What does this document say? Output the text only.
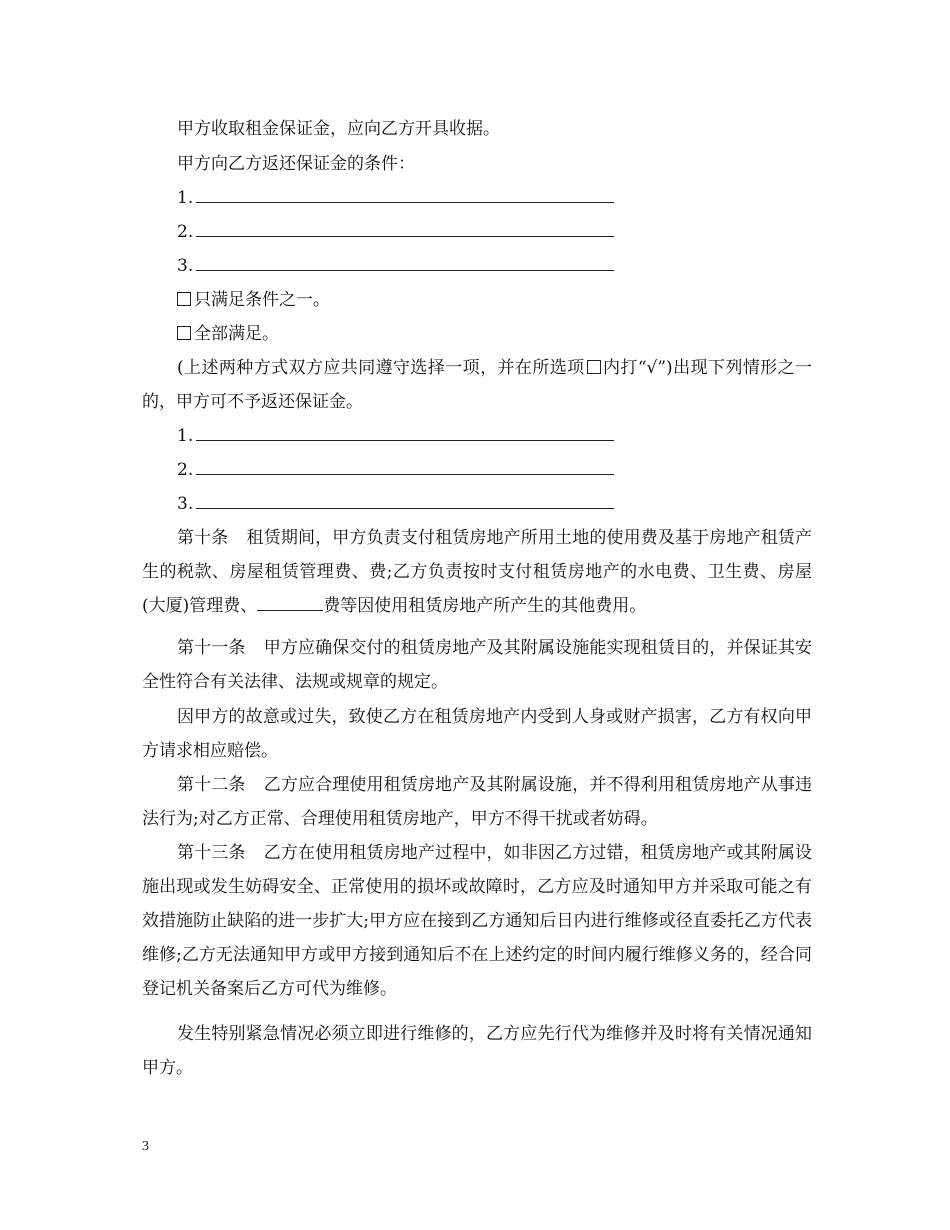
甲方收取租金保证金，应向乙方开具收据。

甲方向乙方返还保证金的条件：

1.

2.

3.

只满足条件之一。

全部满足。

(上述两种方式双方应共同遵守选择一项，并在所选项 内打“√”)出现下列情形之一的，甲方可不予返还保证金。

1.

2.

3.

第十条 租赁期间，甲方负责支付租赁房地产所用土地的使用费及基于房地产租赁产生的税款、房屋租赁管理费、费;乙方负责按时支付租赁房地产的水电费、卫生费、房屋(大厦)管理费、	费等因使用租赁房地产所产生的其他费用。

第十一条 甲方应确保交付的租赁房地产及其附属设施能实现租赁目的，并保证其安全性符合有关法律、法规或规章的规定。

因甲方的故意或过失，致使乙方在租赁房地产内受到人身或财产损害，乙方有权向甲方请求相应赔偿。

第十二条 乙方应合理使用租赁房地产及其附属设施，并不得利用租赁房地产从事违法行为;对乙方正常、合理使用租赁房地产，甲方不得干扰或者妨碍。

第十三条 乙方在使用租赁房地产过程中，如非因乙方过错，租赁房地产或其附属设施出现或发生妨碍安全、正常使用的损坏或故障时，乙方应及时通知甲方并采取可能之有效措施防止缺陷的进一步扩大;甲方应在接到乙方通知后日内进行维修或径直委托乙方代表维修;乙方无法通知甲方或甲方接到通知后不在上述约定的时间内履行维修义务的，经合同登记机关备案后乙方可代为维修。

发生特别紧急情况必须立即进行维修的，乙方应先行代为维修并及时将有关情况通知甲方。

3
